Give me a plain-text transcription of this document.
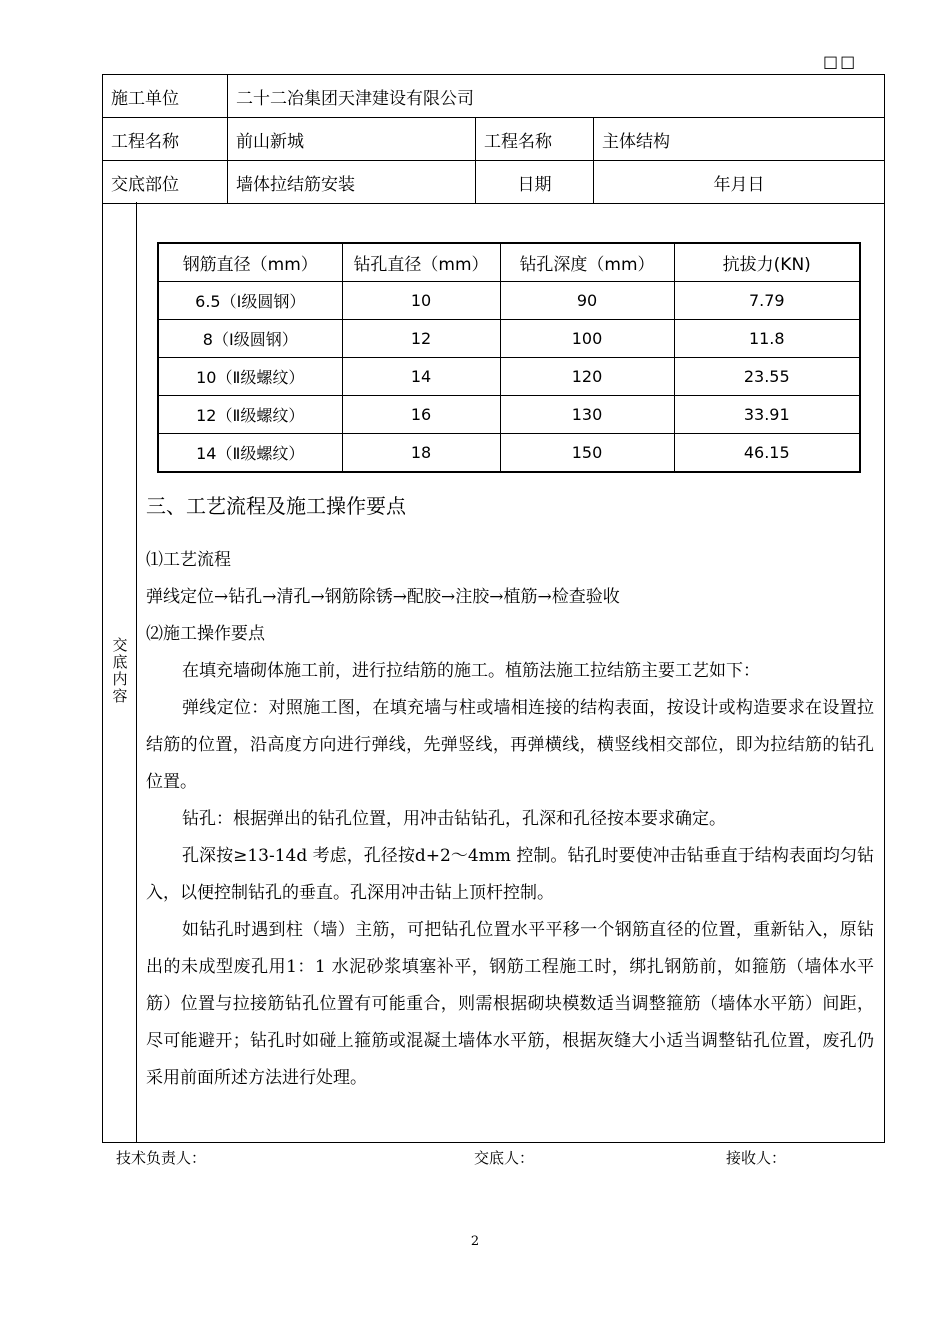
□□
施工单位	二十二冶集团天津建设有限公司		
工程名称	前山新城	工程名称	主体结构
交底部位	墙体拉结筋安装	日期	年月日
交底内容
钢筋直径（mm）	钻孔直径（mm）	钻孔深度（mm）	抗拔力(KN)
6.5（Ⅰ级圆钢）	10	90	7.79
8（Ⅰ级圆钢）	12	100	11.8
10（Ⅱ级螺纹）	14	120	23.55
12（Ⅱ级螺纹）	16	130	33.91
14（Ⅱ级螺纹）	18	150	46.15

三、工艺流程及施工操作要点

⑴工艺流程

弹线定位→钻孔→清孔→钢筋除锈→配胶→注胶→植筋→检查验收

⑵施工操作要点

在填充墙砌体施工前，进行拉结筋的施工。植筋法施工拉结筋主要工艺如下：

弹线定位：对照施工图，在填充墙与柱或墙相连接的结构表面，按设计或构造要求在设置拉结筋的位置，沿高度方向进行弹线，先弹竖线，再弹横线，横竖线相交部位，即为拉结筋的钻孔位置。

钻孔：根据弹出的钻孔位置，用冲击钻钻孔，孔深和孔径按本要求确定。

孔深按≥13-14d 考虑，孔径按d+2～4mm 控制。钻孔时要使冲击钻垂直于结构表面均匀钻入，以便控制钻孔的垂直。孔深用冲击钻上顶杆控制。

如钻孔时遇到柱（墙）主筋，可把钻孔位置水平平移一个钢筋直径的位置，重新钻入，原钻出的未成型废孔用1：1 水泥砂浆填塞补平，钢筋工程施工时，绑扎钢筋前，如箍筋（墙体水平筋）位置与拉接筋钻孔位置有可能重合，则需根据砌块模数适当调整箍筋（墙体水平筋）间距，尽可能避开；钻孔时如碰上箍筋或混凝土墙体水平筋，根据灰缝大小适当调整钻孔位置，废孔仍采用前面所述方法进行处理。

技术负责人：	交底人：	接收人：
2
